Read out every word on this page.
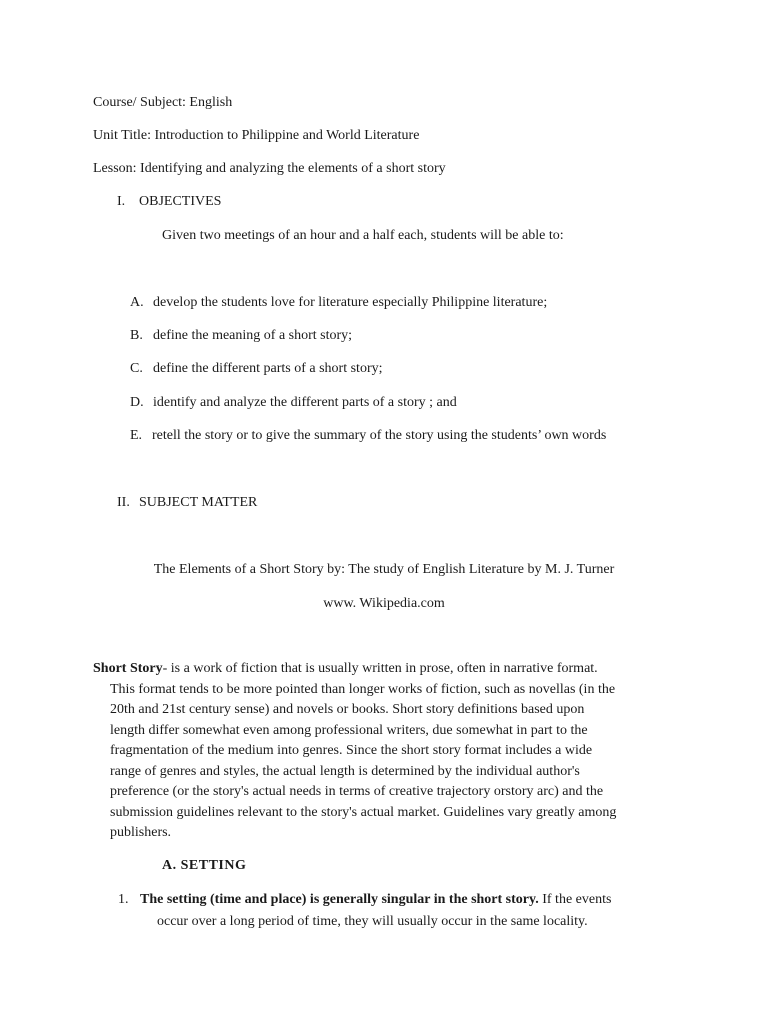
Course/ Subject: English
Unit Title: Introduction to Philippine and World Literature
Lesson: Identifying and analyzing the elements of a short story
I. OBJECTIVES
Given two meetings of an hour and a half each, students will be able to:
A. develop the students love for literature especially Philippine literature;
B. define the meaning of a short story;
C. define the different parts of a short story;
D. identify and analyze the different parts of a story ; and
E. retell the story or to give the summary of the story using the students’ own words
II. SUBJECT MATTER
The Elements of a Short Story by: The study of English Literature by M. J. Turner
www. Wikipedia.com
Short Story- is a work of fiction that is usually written in prose, often in narrative format.
This format tends to be more pointed than longer works of fiction, such as novellas (in the
20th and 21st century sense) and novels or books. Short story definitions based upon
length differ somewhat even among professional writers, due somewhat in part to the
fragmentation of the medium into genres. Since the short story format includes a wide
range of genres and styles, the actual length is determined by the individual author's
preference (or the story's actual needs in terms of creative trajectory orstory arc) and the
submission guidelines relevant to the story's actual market. Guidelines vary greatly among
publishers.
A. SETTING
1. The setting (time and place) is generally singular in the short story. If the events
occur over a long period of time, they will usually occur in the same locality.
